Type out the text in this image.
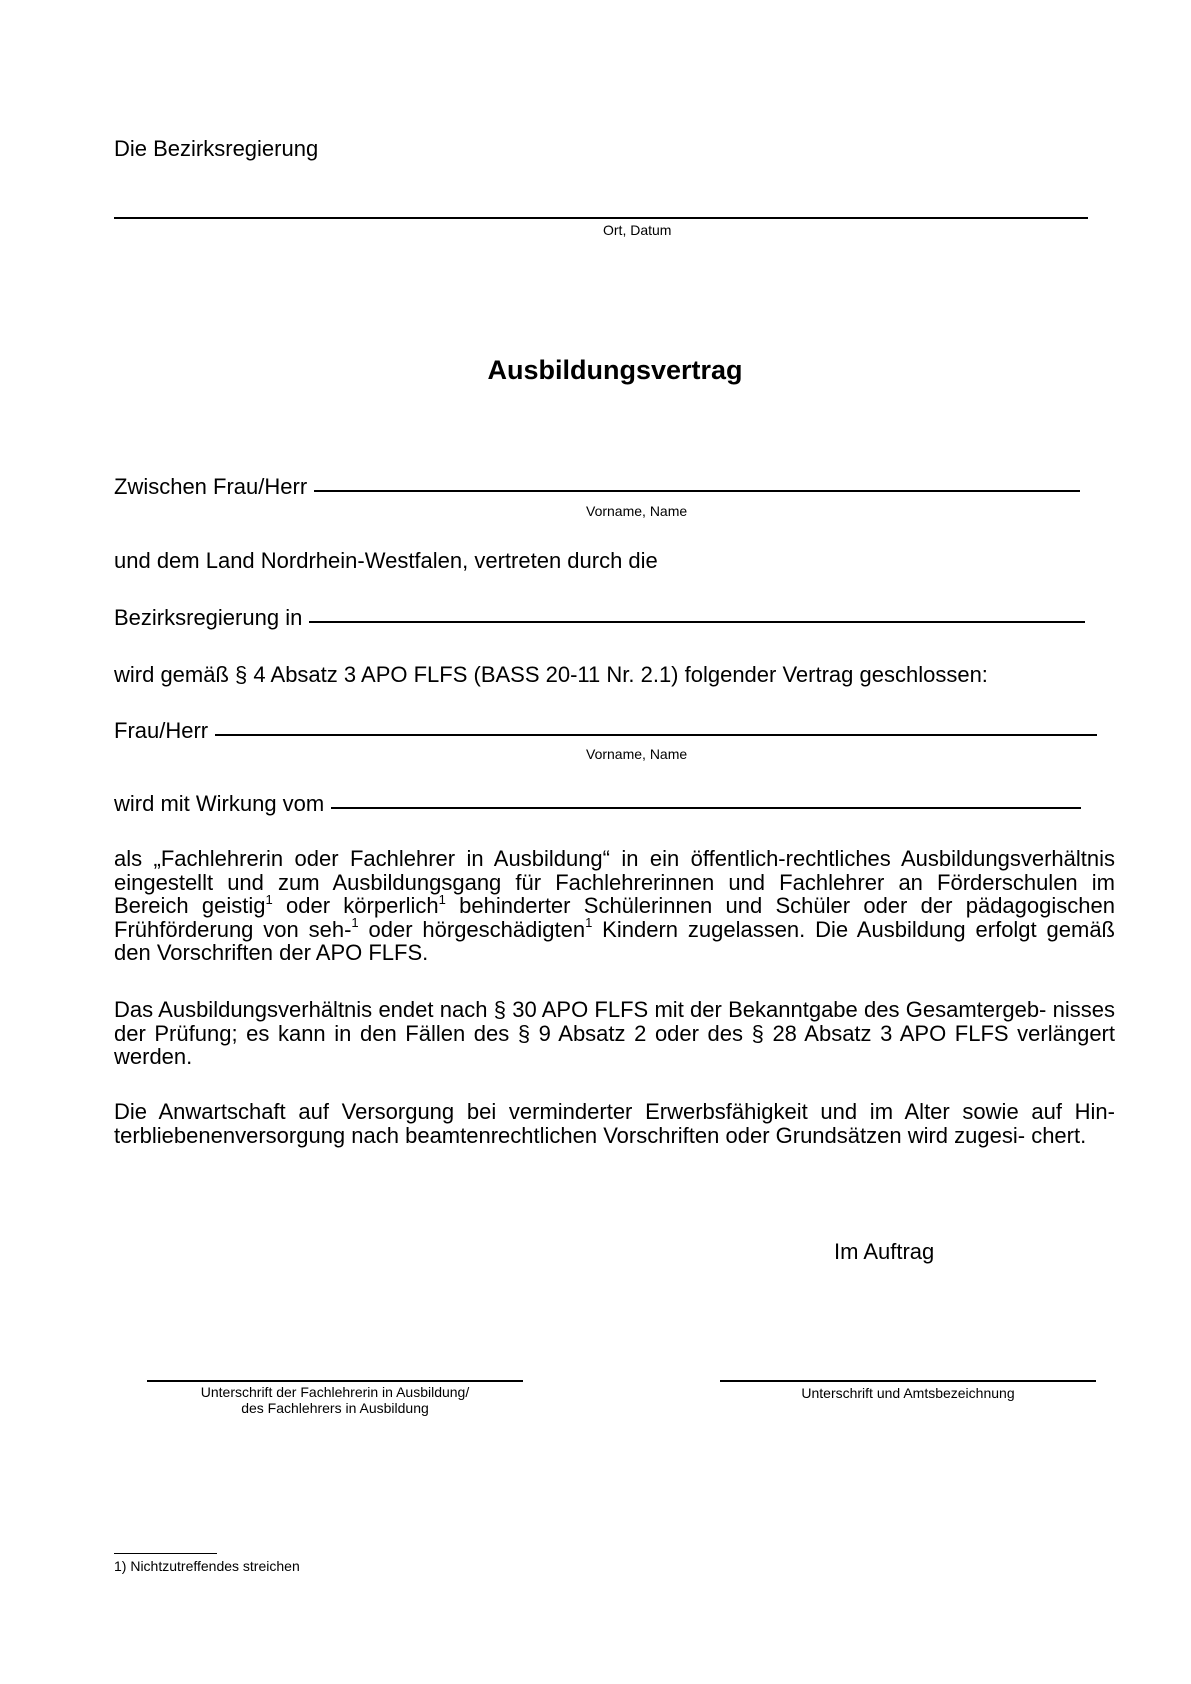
Die Bezirksregierung
Ort, Datum
Ausbildungsvertrag
Zwischen Frau/Herr
Vorname, Name
und dem Land Nordrhein-Westfalen, vertreten durch die
Bezirksregierung in
wird gemäß § 4 Absatz 3 APO FLFS (BASS 20-11 Nr. 2.1) folgender Vertrag geschlossen:
Frau/Herr
Vorname, Name
wird mit Wirkung vom
als „Fachlehrerin oder Fachlehrer in Ausbildung“ in ein öffentlich-rechtliches Ausbildungsverhältnis eingestellt und zum Ausbildungsgang für Fachlehrerinnen und Fachlehrer an Förderschulen im Bereich geistig$^1$ oder körperlich$^1$ behinderter Schülerinnen und Schüler oder der pädagogischen Frühförderung von seh-$^1$ oder hörgeschädigten$^1$ Kindern zugelassen. Die Ausbildung erfolgt gemäß den Vorschriften der APO FLFS.
Das Ausbildungsverhältnis endet nach § 30 APO FLFS mit der Bekanntgabe des Gesamtergeb- nisses der Prüfung; es kann in den Fällen des § 9 Absatz 2 oder des § 28 Absatz 3 APO FLFS verlängert werden.
Die Anwartschaft auf Versorgung bei verminderter Erwerbsfähigkeit und im Alter sowie auf Hin- terbliebenenversorgung nach beamtenrechtlichen Vorschriften oder Grundsätzen wird zugesi- chert.
Im Auftrag
Unterschrift der Fachlehrerin in Ausbildung/
des Fachlehrers in Ausbildung
Unterschrift und Amtsbezeichnung
1) Nichtzutreffendes streichen
